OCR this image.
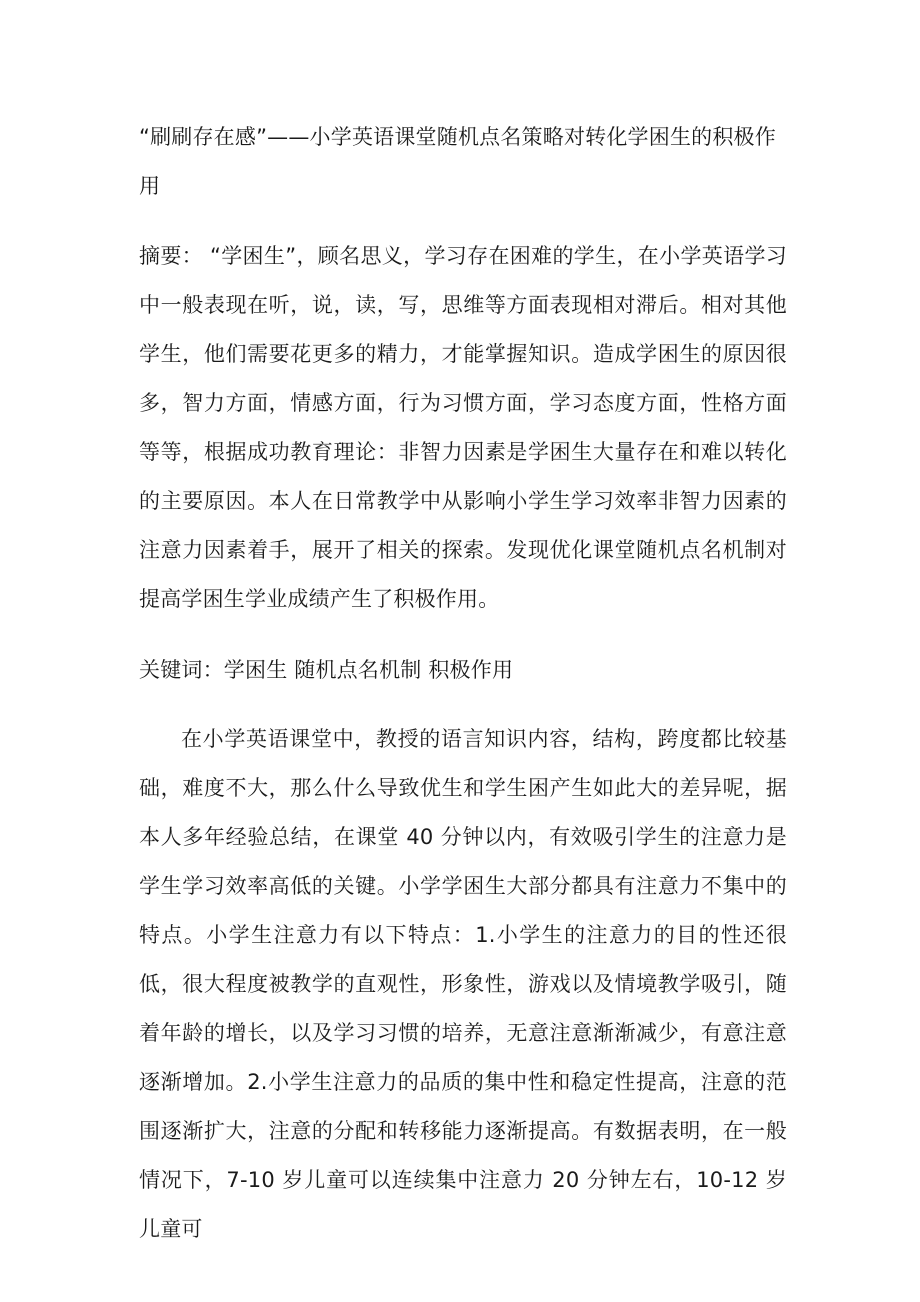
“刷刷存在感”——小学英语课堂随机点名策略对转化学困生的积极作用

摘要： “学困生”，顾名思义，学习存在困难的学生，在小学英语学习中一般表现在听，说，读，写，思维等方面表现相对滞后。相对其他学生，他们需要花更多的精力，才能掌握知识。造成学困生的原因很多，智力方面，情感方面，行为习惯方面，学习态度方面，性格方面等等，根据成功教育理论：非智力因素是学困生大量存在和难以转化的主要原因。本人在日常教学中从影响小学生学习效率非智力因素的注意力因素着手，展开了相关的探索。发现优化课堂随机点名机制对提高学困生学业成绩产生了积极作用。

关键词：学困生 随机点名机制 积极作用

在小学英语课堂中，教授的语言知识内容，结构，跨度都比较基础，难度不大，那么什么导致优生和学生困产生如此大的差异呢，据本人多年经验总结，在课堂 40 分钟以内，有效吸引学生的注意力是学生学习效率高低的关键。小学学困生大部分都具有注意力不集中的特点。小学生注意力有以下特点：1.小学生的注意力的目的性还很低，很大程度被教学的直观性，形象性，游戏以及情境教学吸引，随着年龄的增长，以及学习习惯的培养，无意注意渐渐减少，有意注意逐渐增加。2.小学生注意力的品质的集中性和稳定性提高，注意的范围逐渐扩大，注意的分配和转移能力逐渐提高。有数据表明，在一般情况下，7-10 岁儿童可以连续集中注意力 20 分钟左右，10-12 岁儿童可
